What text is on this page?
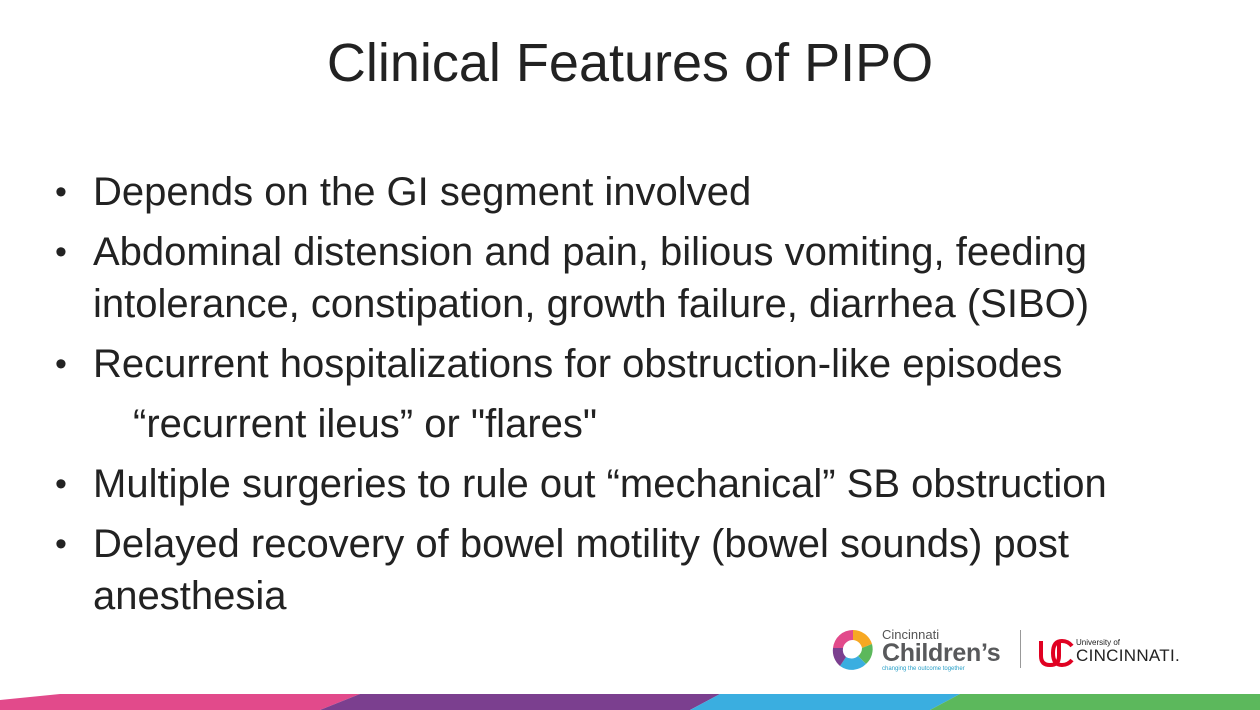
Clinical Features of PIPO
• Depends on the GI segment involved
• Abdominal distension and pain, bilious vomiting, feeding intolerance, constipation, growth failure, diarrhea (SIBO)
• Recurrent hospitalizations for obstruction-like episodes
“recurrent ileus” or "flares"
• Multiple surgeries to rule out “mechanical” SB obstruction
• Delayed recovery of bowel motility (bowel sounds) post anesthesia
Cincinnati
Children’s
changing the outcome together
University of
CINCINNATI.
